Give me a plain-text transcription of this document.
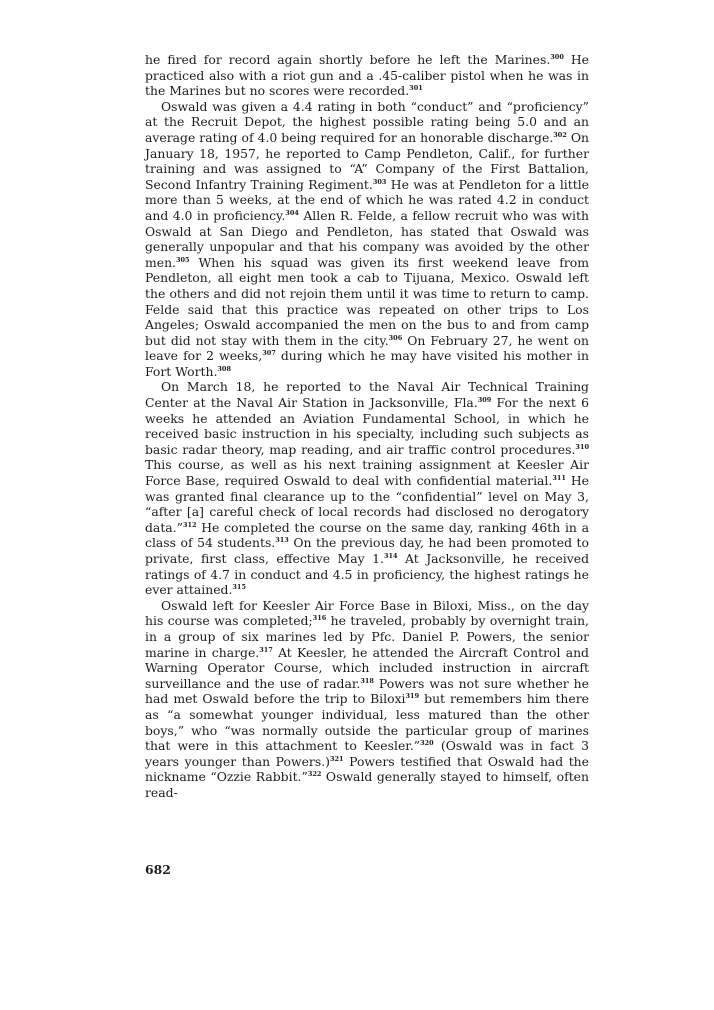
he fired for record again shortly before he left the Marines.$^{300}$ He practiced also with a riot gun and a .45-caliber pistol when he was in the Marines but no scores were recorded.$^{301}$

Oswald was given a 4.4 rating in both “conduct” and “proficiency” at the Recruit Depot, the highest possible rating being 5.0 and an average rating of 4.0 being required for an honorable discharge.$^{302}$ On January 18, 1957, he reported to Camp Pendleton, Calif., for further training and was assigned to “A” Company of the First Battalion, Second Infantry Training Regiment.$^{303}$ He was at Pendleton for a little more than 5 weeks, at the end of which he was rated 4.2 in conduct and 4.0 in proficiency.$^{304}$ Allen R. Felde, a fellow recruit who was with Oswald at San Diego and Pendleton, has stated that Oswald was generally unpopular and that his company was avoided by the other men.$^{305}$ When his squad was given its first weekend leave from Pendleton, all eight men took a cab to Tijuana, Mexico. Oswald left the others and did not rejoin them until it was time to return to camp. Felde said that this practice was repeated on other trips to Los Angeles; Oswald accompanied the men on the bus to and from camp but did not stay with them in the city.$^{306}$ On February 27, he went on leave for 2 weeks,$^{307}$ during which he may have visited his mother in Fort Worth.$^{308}$

On March 18, he reported to the Naval Air Technical Training Center at the Naval Air Station in Jacksonville, Fla.$^{309}$ For the next 6 weeks he attended an Aviation Fundamental School, in which he received basic instruction in his specialty, including such subjects as basic radar theory, map reading, and air traffic control procedures.$^{310}$ This course, as well as his next training assignment at Keesler Air Force Base, required Oswald to deal with confidential material.$^{311}$ He was granted final clearance up to the “confidential” level on May 3, “after [a] careful check of local records had disclosed no derogatory data.”$^{312}$ He completed the course on the same day, ranking 46th in a class of 54 students.$^{313}$ On the previous day, he had been promoted to private, first class, effective May 1.$^{314}$ At Jacksonville, he received ratings of 4.7 in conduct and 4.5 in proficiency, the highest ratings he ever attained.$^{315}$

Oswald left for Keesler Air Force Base in Biloxi, Miss., on the day his course was completed;$^{316}$ he traveled, probably by overnight train, in a group of six marines led by Pfc. Daniel P. Powers, the senior marine in charge.$^{317}$ At Keesler, he attended the Aircraft Control and Warning Operator Course, which included instruction in aircraft surveillance and the use of radar.$^{318}$ Powers was not sure whether he had met Oswald before the trip to Biloxi$^{319}$ but remembers him there as “a somewhat younger individual, less matured than the other boys,” who “was normally outside the particular group of marines that were in this attachment to Keesler.”$^{320}$ (Oswald was in fact 3 years younger than Powers.)$^{321}$ Powers testified that Oswald had the nickname “Ozzie Rabbit.”$^{322}$ Oswald generally stayed to himself, often read-

682
